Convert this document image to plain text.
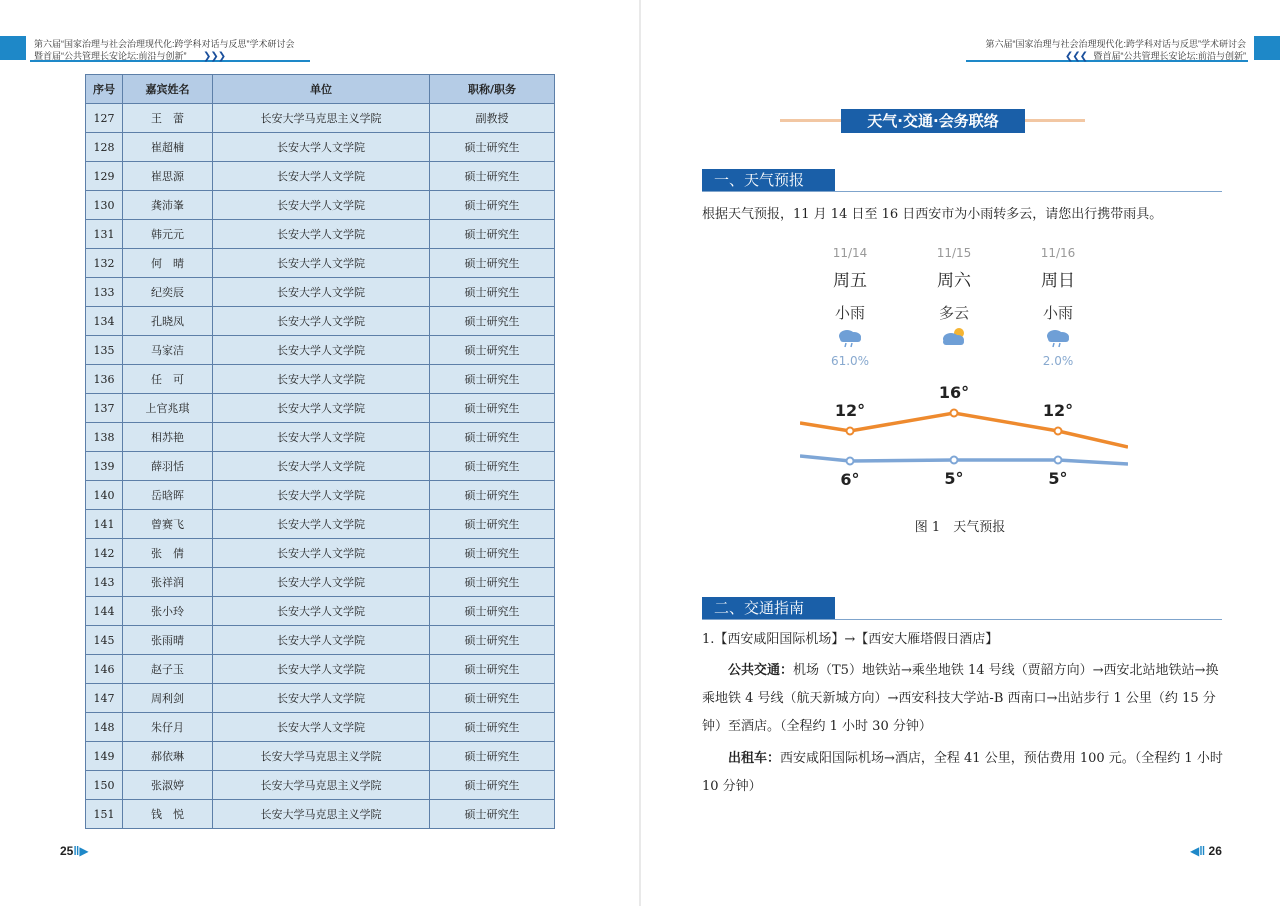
第六届“国家治理与社会治理现代化:跨学科对话与反思”学术研讨会
暨首届“公共管理长安论坛:前沿与创新” ❯❯❯
序号	嘉宾姓名	单位	职称/职务
127	王　蕾	长安大学马克思主义学院	副教授
128	崔超楠	长安大学人文学院	硕士研究生
129	崔思源	长安大学人文学院	硕士研究生
130	龚沛峯	长安大学人文学院	硕士研究生
131	韩元元	长安大学人文学院	硕士研究生
132	何　晴	长安大学人文学院	硕士研究生
133	纪奕辰	长安大学人文学院	硕士研究生
134	孔晓凤	长安大学人文学院	硕士研究生
135	马家洁	长安大学人文学院	硕士研究生
136	任　可	长安大学人文学院	硕士研究生
137	上官兆琪	长安大学人文学院	硕士研究生
138	相苏艳	长安大学人文学院	硕士研究生
139	薛羽恬	长安大学人文学院	硕士研究生
140	岳晗晖	长安大学人文学院	硕士研究生
141	曾赛飞	长安大学人文学院	硕士研究生
142	张　倩	长安大学人文学院	硕士研究生
143	张祥润	长安大学人文学院	硕士研究生
144	张小玲	长安大学人文学院	硕士研究生
145	张雨晴	长安大学人文学院	硕士研究生
146	赵子玉	长安大学人文学院	硕士研究生
147	周利剑	长安大学人文学院	硕士研究生
148	朱仔月	长安大学人文学院	硕士研究生
149	郝依琳	长安大学马克思主义学院	硕士研究生
150	张淑婷	长安大学马克思主义学院	硕士研究生
151	钱　悦	长安大学马克思主义学院	硕士研究生
25‖▶
第六届“国家治理与社会治理现代化:跨学科对话与反思”学术研讨会
❮❮❮ 暨首届“公共管理长安论坛:前沿与创新”
◀‖ 26
天气·交通·会务联络
一、天气预报
根据天气预报，11 月 14 日至 16 日西安市为小雨转多云，请您出行携带雨具。
11/14
周五
小雨
61.0%
11/15
周六
多云
11/16
周日
小雨
2.0%
12°
6°
16°
5°
12°
5°
图 1　天气预报
二、交通指南
1.【西安咸阳国际机场】→【西安大雁塔假日酒店】
公共交通：机场（T5）地铁站→乘坐地铁 14 号线（贾韶方向）→西安北站地铁站→换乘地铁 4 号线（航天新城方向）→西安科技大学站-B 西南口→出站步行 1 公里（约 15 分钟）至酒店。（全程约 1 小时 30 分钟）
出租车：西安咸阳国际机场→酒店，全程 41 公里，预估费用 100 元。（全程约 1 小时 10 分钟）
